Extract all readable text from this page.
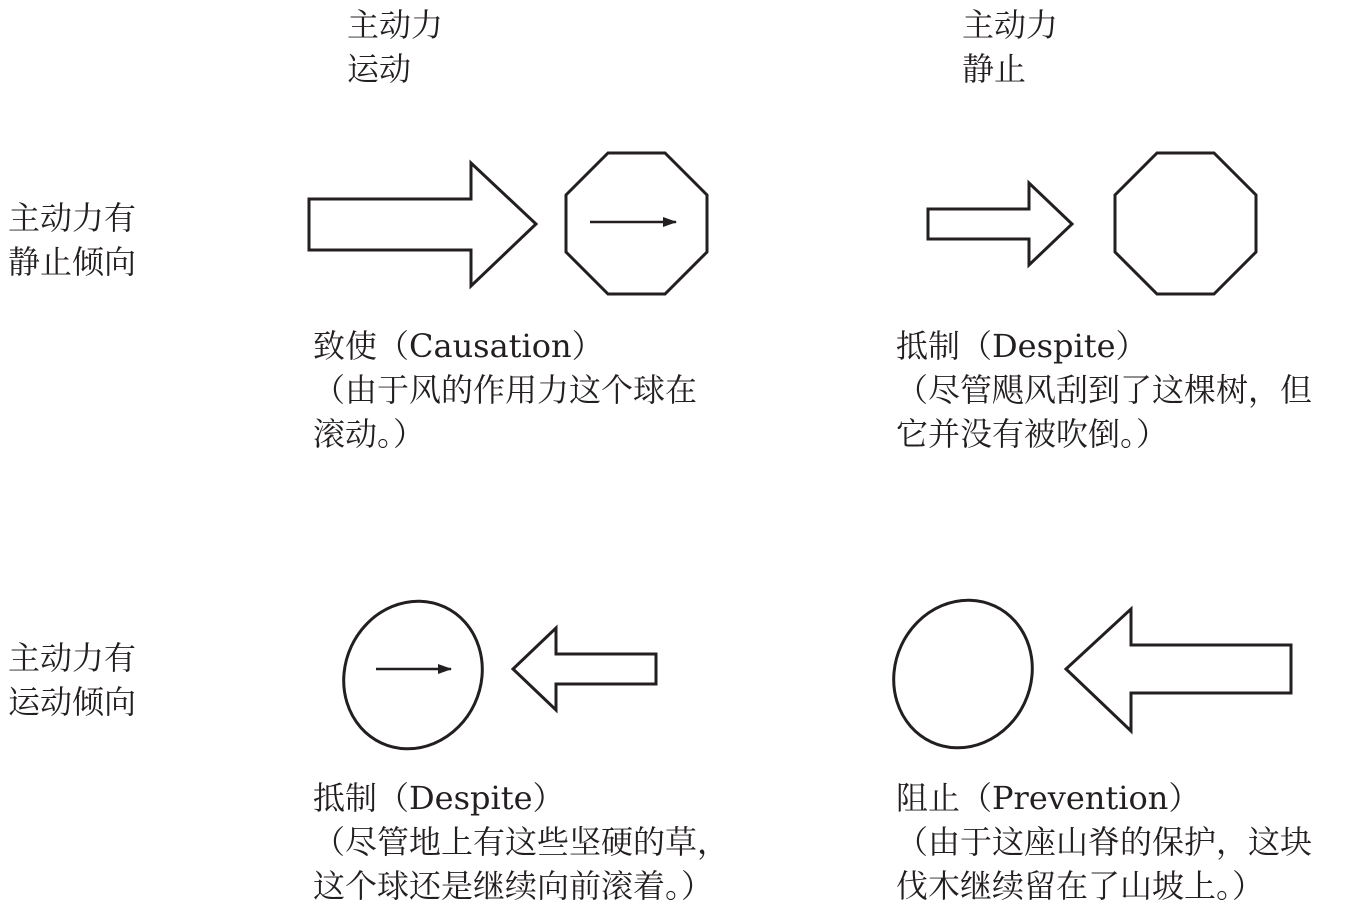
主动力
运动
主动力
静止
主动力有
静止倾向
主动力有
运动倾向
致使（Causation）
（由于风的作用力这个球在
滚动。）
抵制（Despite）
（尽管飓风刮到了这棵树，但
它并没有被吹倒。）
抵制（Despite）
（尽管地上有这些坚硬的草，
这个球还是继续向前滚着。）
阻止（Prevention）
（由于这座山脊的保护，这块
伐木继续留在了山坡上。）
